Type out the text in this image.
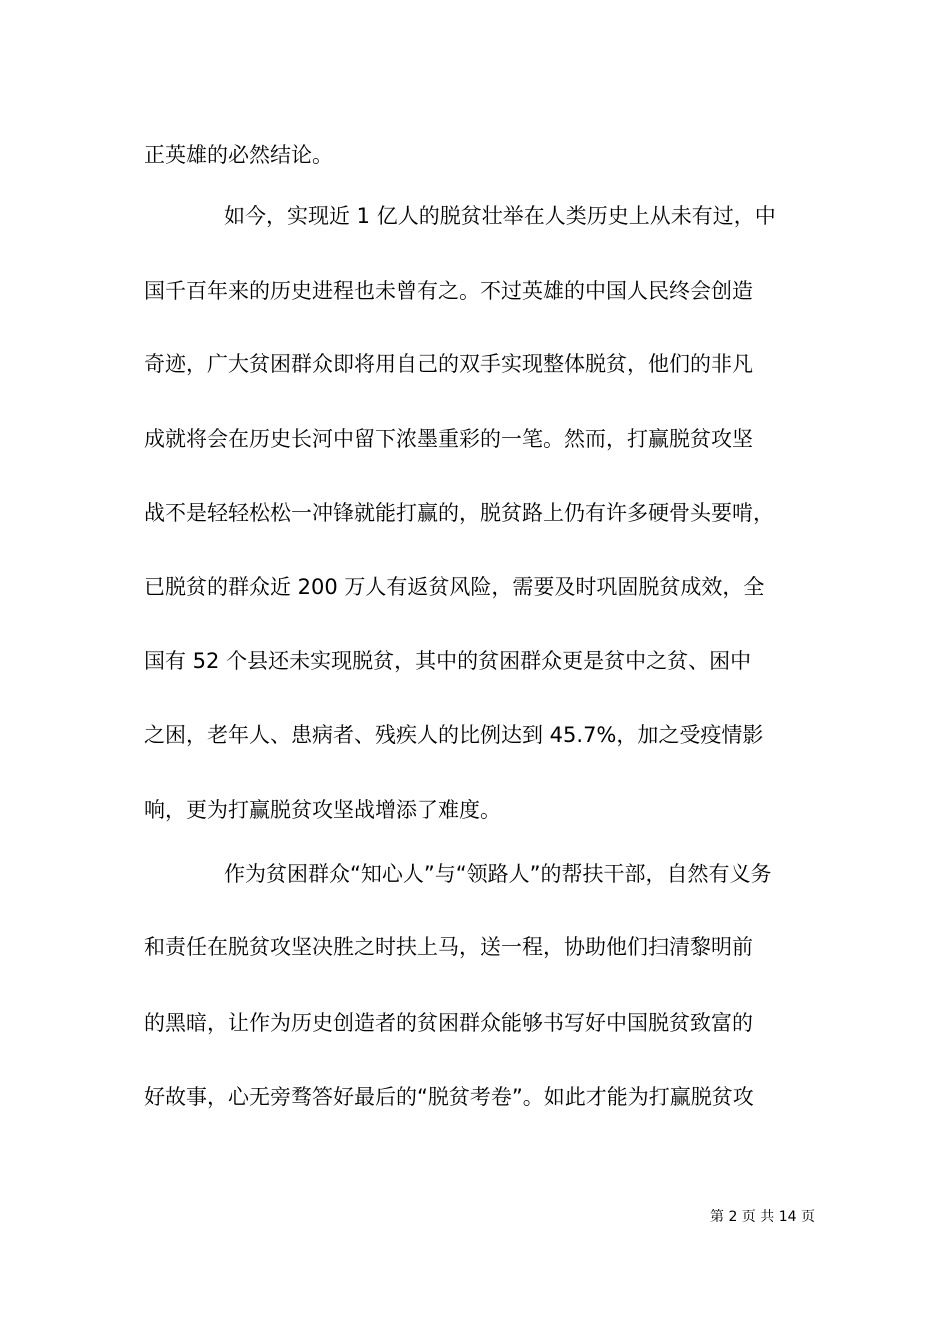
正英雄的必然结论。
如今，实现近 1 亿人的脱贫壮举在人类历史上从未有过，中
国千百年来的历史进程也未曾有之。不过英雄的中国人民终会创造
奇迹，广大贫困群众即将用自己的双手实现整体脱贫，他们的非凡
成就将会在历史长河中留下浓墨重彩的一笔。然而，打赢脱贫攻坚
战不是轻轻松松一冲锋就能打赢的，脱贫路上仍有许多硬骨头要啃，
已脱贫的群众近 200 万人有返贫风险，需要及时巩固脱贫成效，全
国有 52 个县还未实现脱贫，其中的贫困群众更是贫中之贫、困中
之困，老年人、患病者、残疾人的比例达到 45.7%，加之受疫情影
响，更为打赢脱贫攻坚战增添了难度。
作为贫困群众“知心人”与“领路人”的帮扶干部，自然有义务
和责任在脱贫攻坚决胜之时扶上马，送一程，协助他们扫清黎明前
的黑暗，让作为历史创造者的贫困群众能够书写好中国脱贫致富的
好故事，心无旁骛答好最后的“脱贫考卷”。如此才能为打赢脱贫攻
第 2 页 共 14 页
